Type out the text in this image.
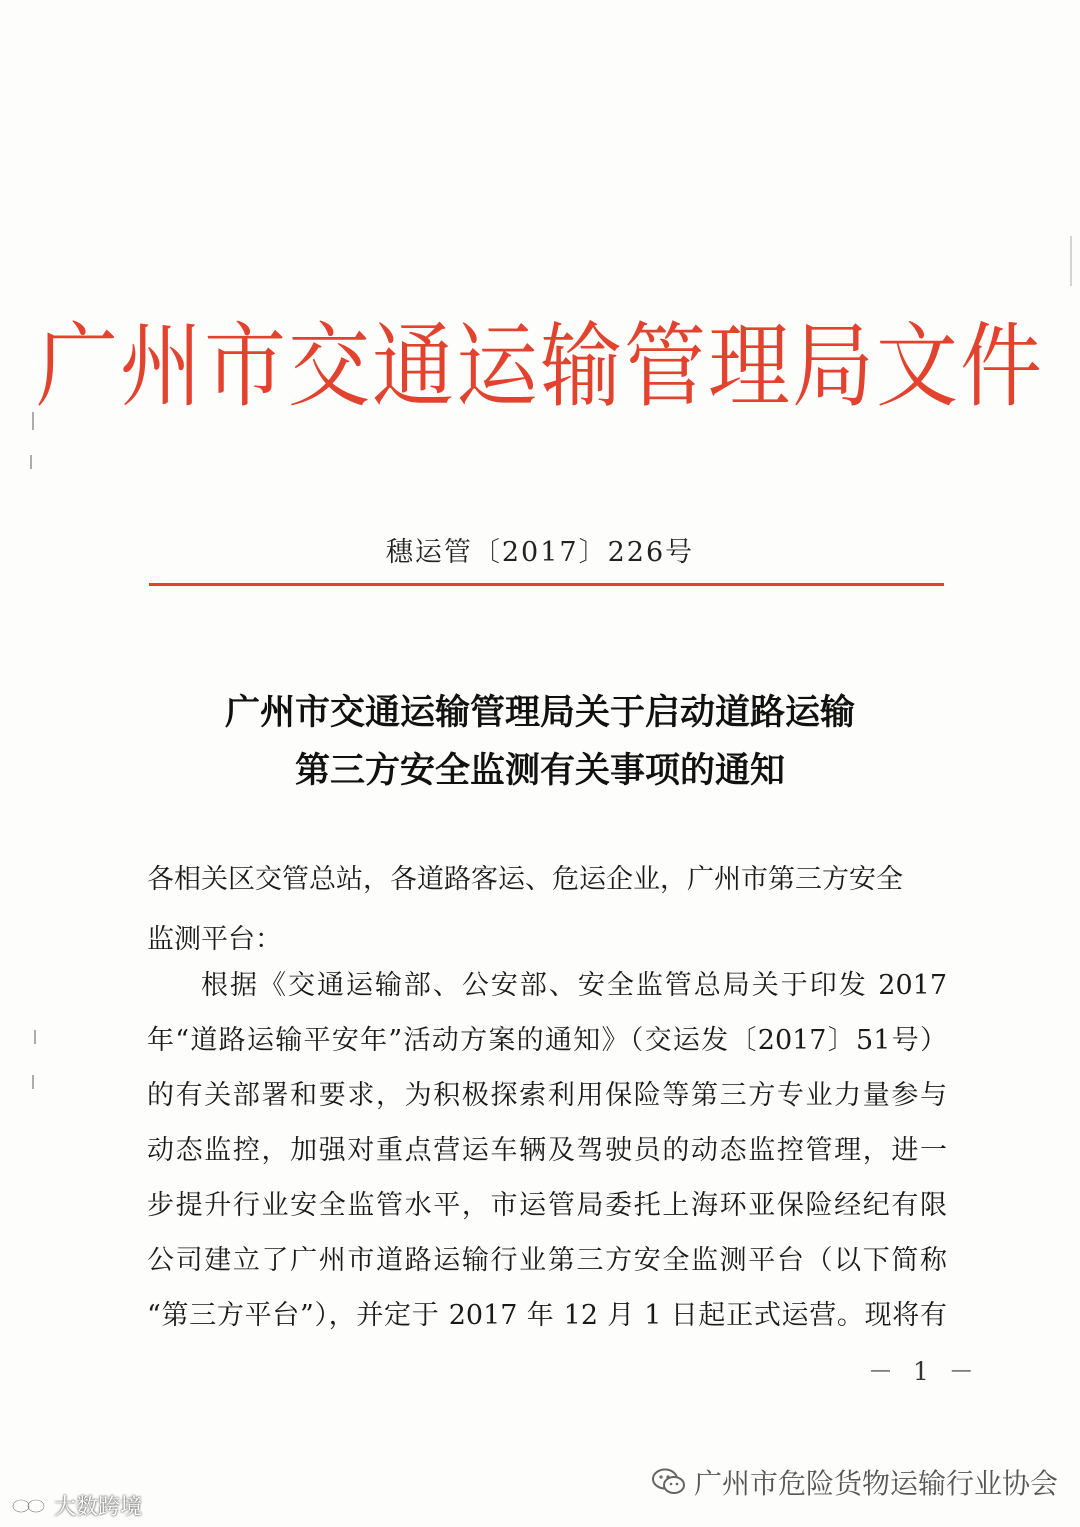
广州市交通运输管理局文件
穗运管〔2017〕226号
广州市交通运输管理局关于启动道路运输
第三方安全监测有关事项的通知
各相关区交管总站，各道路客运、危运企业，广州市第三方安全
监测平台：
根据《交通运输部、公安部、安全监管总局关于印发 2017
年“道路运输平安年”活动方案的通知》（交运发〔2017〕51号）
的有关部署和要求，为积极探索利用保险等第三方专业力量参与
动态监控，加强对重点营运车辆及驾驶员的动态监控管理，进一
步提升行业安全监管水平，市运管局委托上海环亚保险经纪有限
公司建立了广州市道路运输行业第三方安全监测平台（以下简称
“第三方平台”），并定于 2017 年 12 月 1 日起正式运营。现将有
－ 1 －
广州市危险货物运输行业协会
大数跨境
